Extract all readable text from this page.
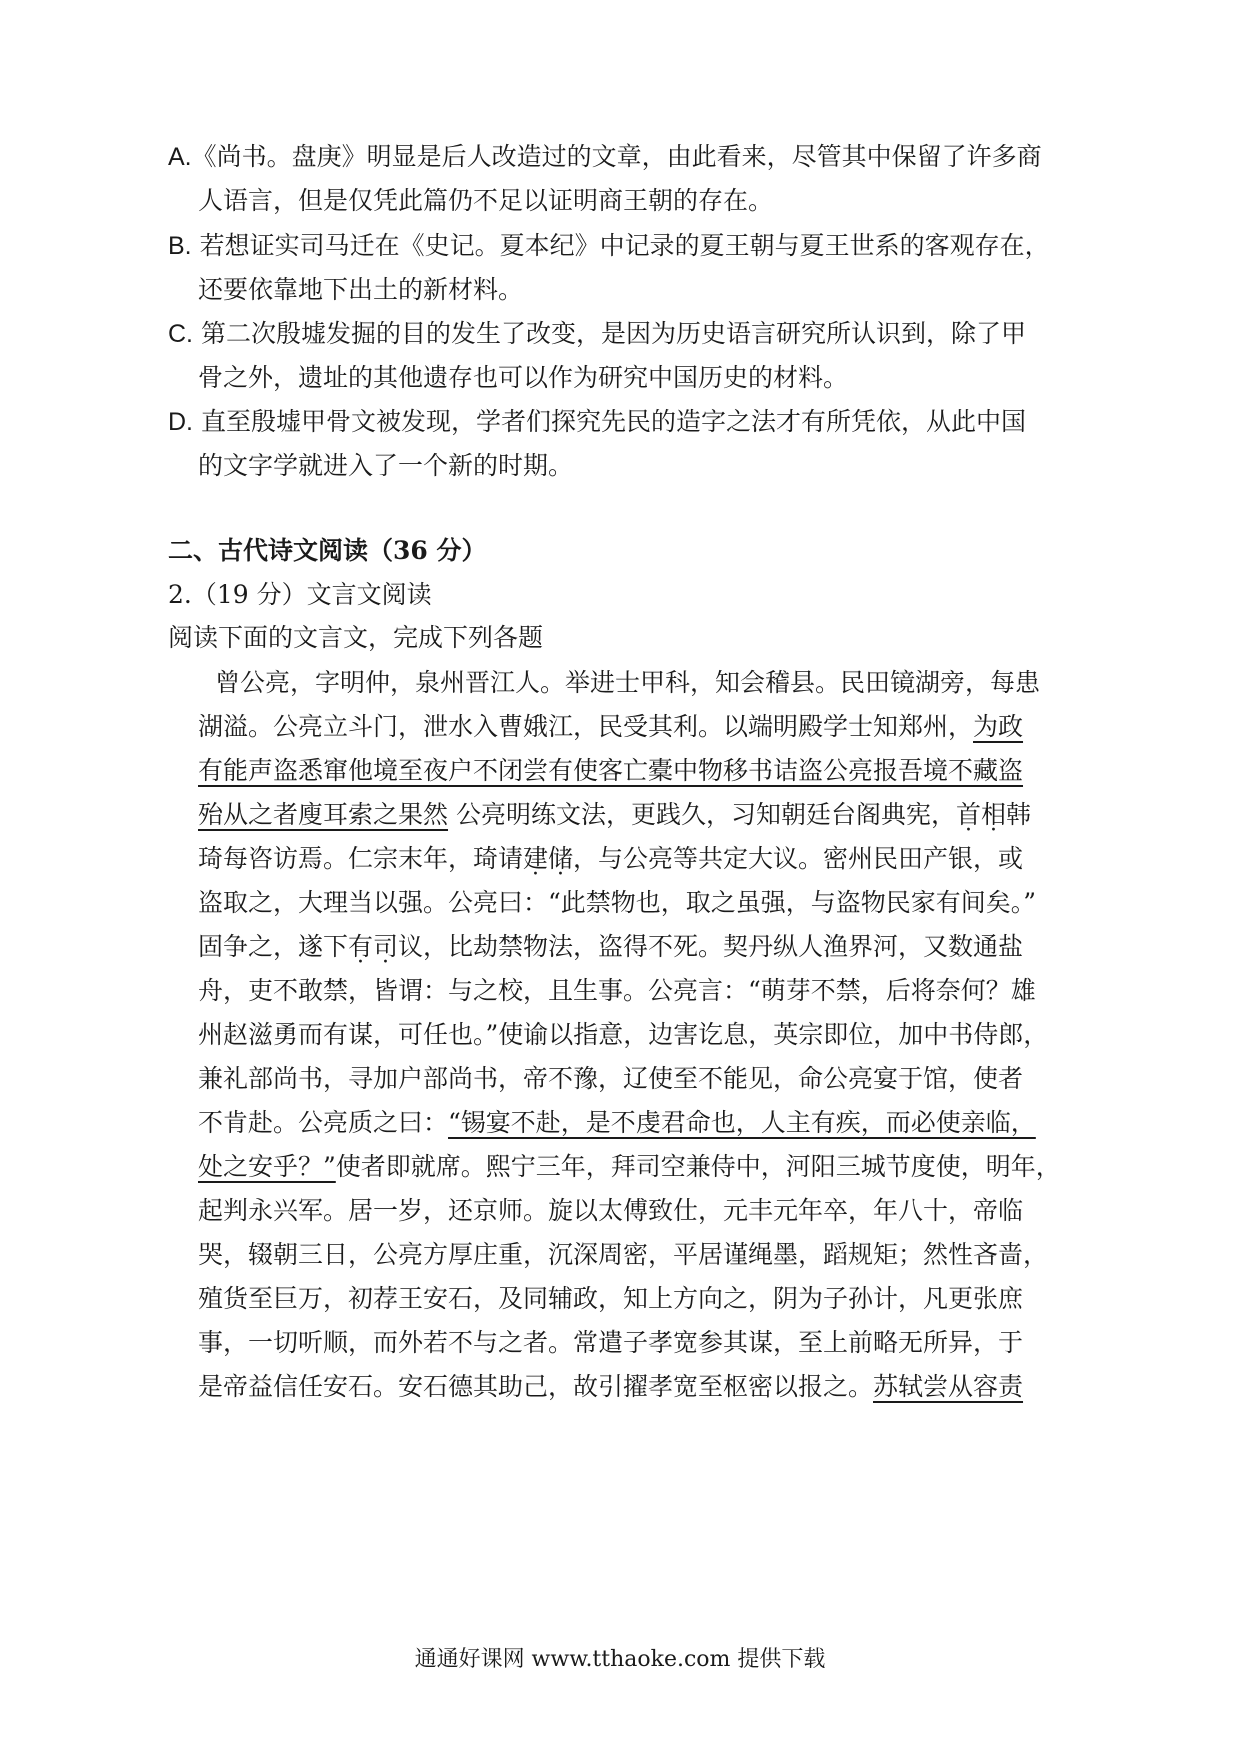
A.《尚书。盘庚》明显是后人改造过的文章，由此看来，尽管其中保留了许多商
人语言，但是仅凭此篇仍不足以证明商王朝的存在。
B. 若想证实司马迁在《史记。夏本纪》中记录的夏王朝与夏王世系的客观存在，
还要依靠地下出土的新材料。
C. 第二次殷墟发掘的目的发生了改变，是因为历史语言研究所认识到，除了甲
骨之外，遗址的其他遗存也可以作为研究中国历史的材料。
D. 直至殷墟甲骨文被发现，学者们探究先民的造字之法才有所凭依，从此中国
的文字学就进入了一个新的时期。
二、古代诗文阅读（36 分）
2.（19 分）文言文阅读
阅读下面的文言文，完成下列各题
曾公亮，字明仲，泉州晋江人。举进士甲科，知会稽县。民田镜湖旁，每患
湖溢。公亮立斗门，泄水入曹娥江，民受其利。以端明殿学士知郑州，为政
有能声盗悉窜他境至夜户不闭尝有使客亡橐中物移书诘盗公亮报吾境不藏盗
殆从之者廋耳索之果然 公亮明练文法，更践久，习知朝廷台阁典宪，首相韩
琦每咨访焉。仁宗末年，琦请建储，与公亮等共定大议。密州民田产银，或
盗取之，大理当以强。公亮曰：“此禁物也，取之虽强，与盗物民家有间矣。”
固争之，遂下有司议，比劫禁物法，盗得不死。契丹纵人渔界河，又数通盐
舟，吏不敢禁，皆谓：与之校，且生事。公亮言：“萌芽不禁，后将奈何？雄
州赵滋勇而有谋，可任也。”使谕以指意，边害讫息，英宗即位，加中书侍郎，
兼礼部尚书，寻加户部尚书，帝不豫，辽使至不能见，命公亮宴于馆，使者
不肯赴。公亮质之曰：“锡宴不赴，是不虔君命也，人主有疾，而必使亲临，
处之安乎？”使者即就席。熙宁三年，拜司空兼侍中，河阳三城节度使，明年，
起判永兴军。居一岁，还京师。旋以太傅致仕，元丰元年卒，年八十，帝临
哭，辍朝三日，公亮方厚庄重，沉深周密，平居谨绳墨，蹈规矩；然性吝啬，
殖货至巨万，初荐王安石，及同辅政，知上方向之，阴为子孙计，凡更张庶
事，一切听顺，而外若不与之者。常遣子孝宽参其谋，至上前略无所异，于
是帝益信任安石。安石德其助己，故引擢孝宽至枢密以报之。苏轼尝从容责
通通好课网 www.tthaoke.com 提供下载
